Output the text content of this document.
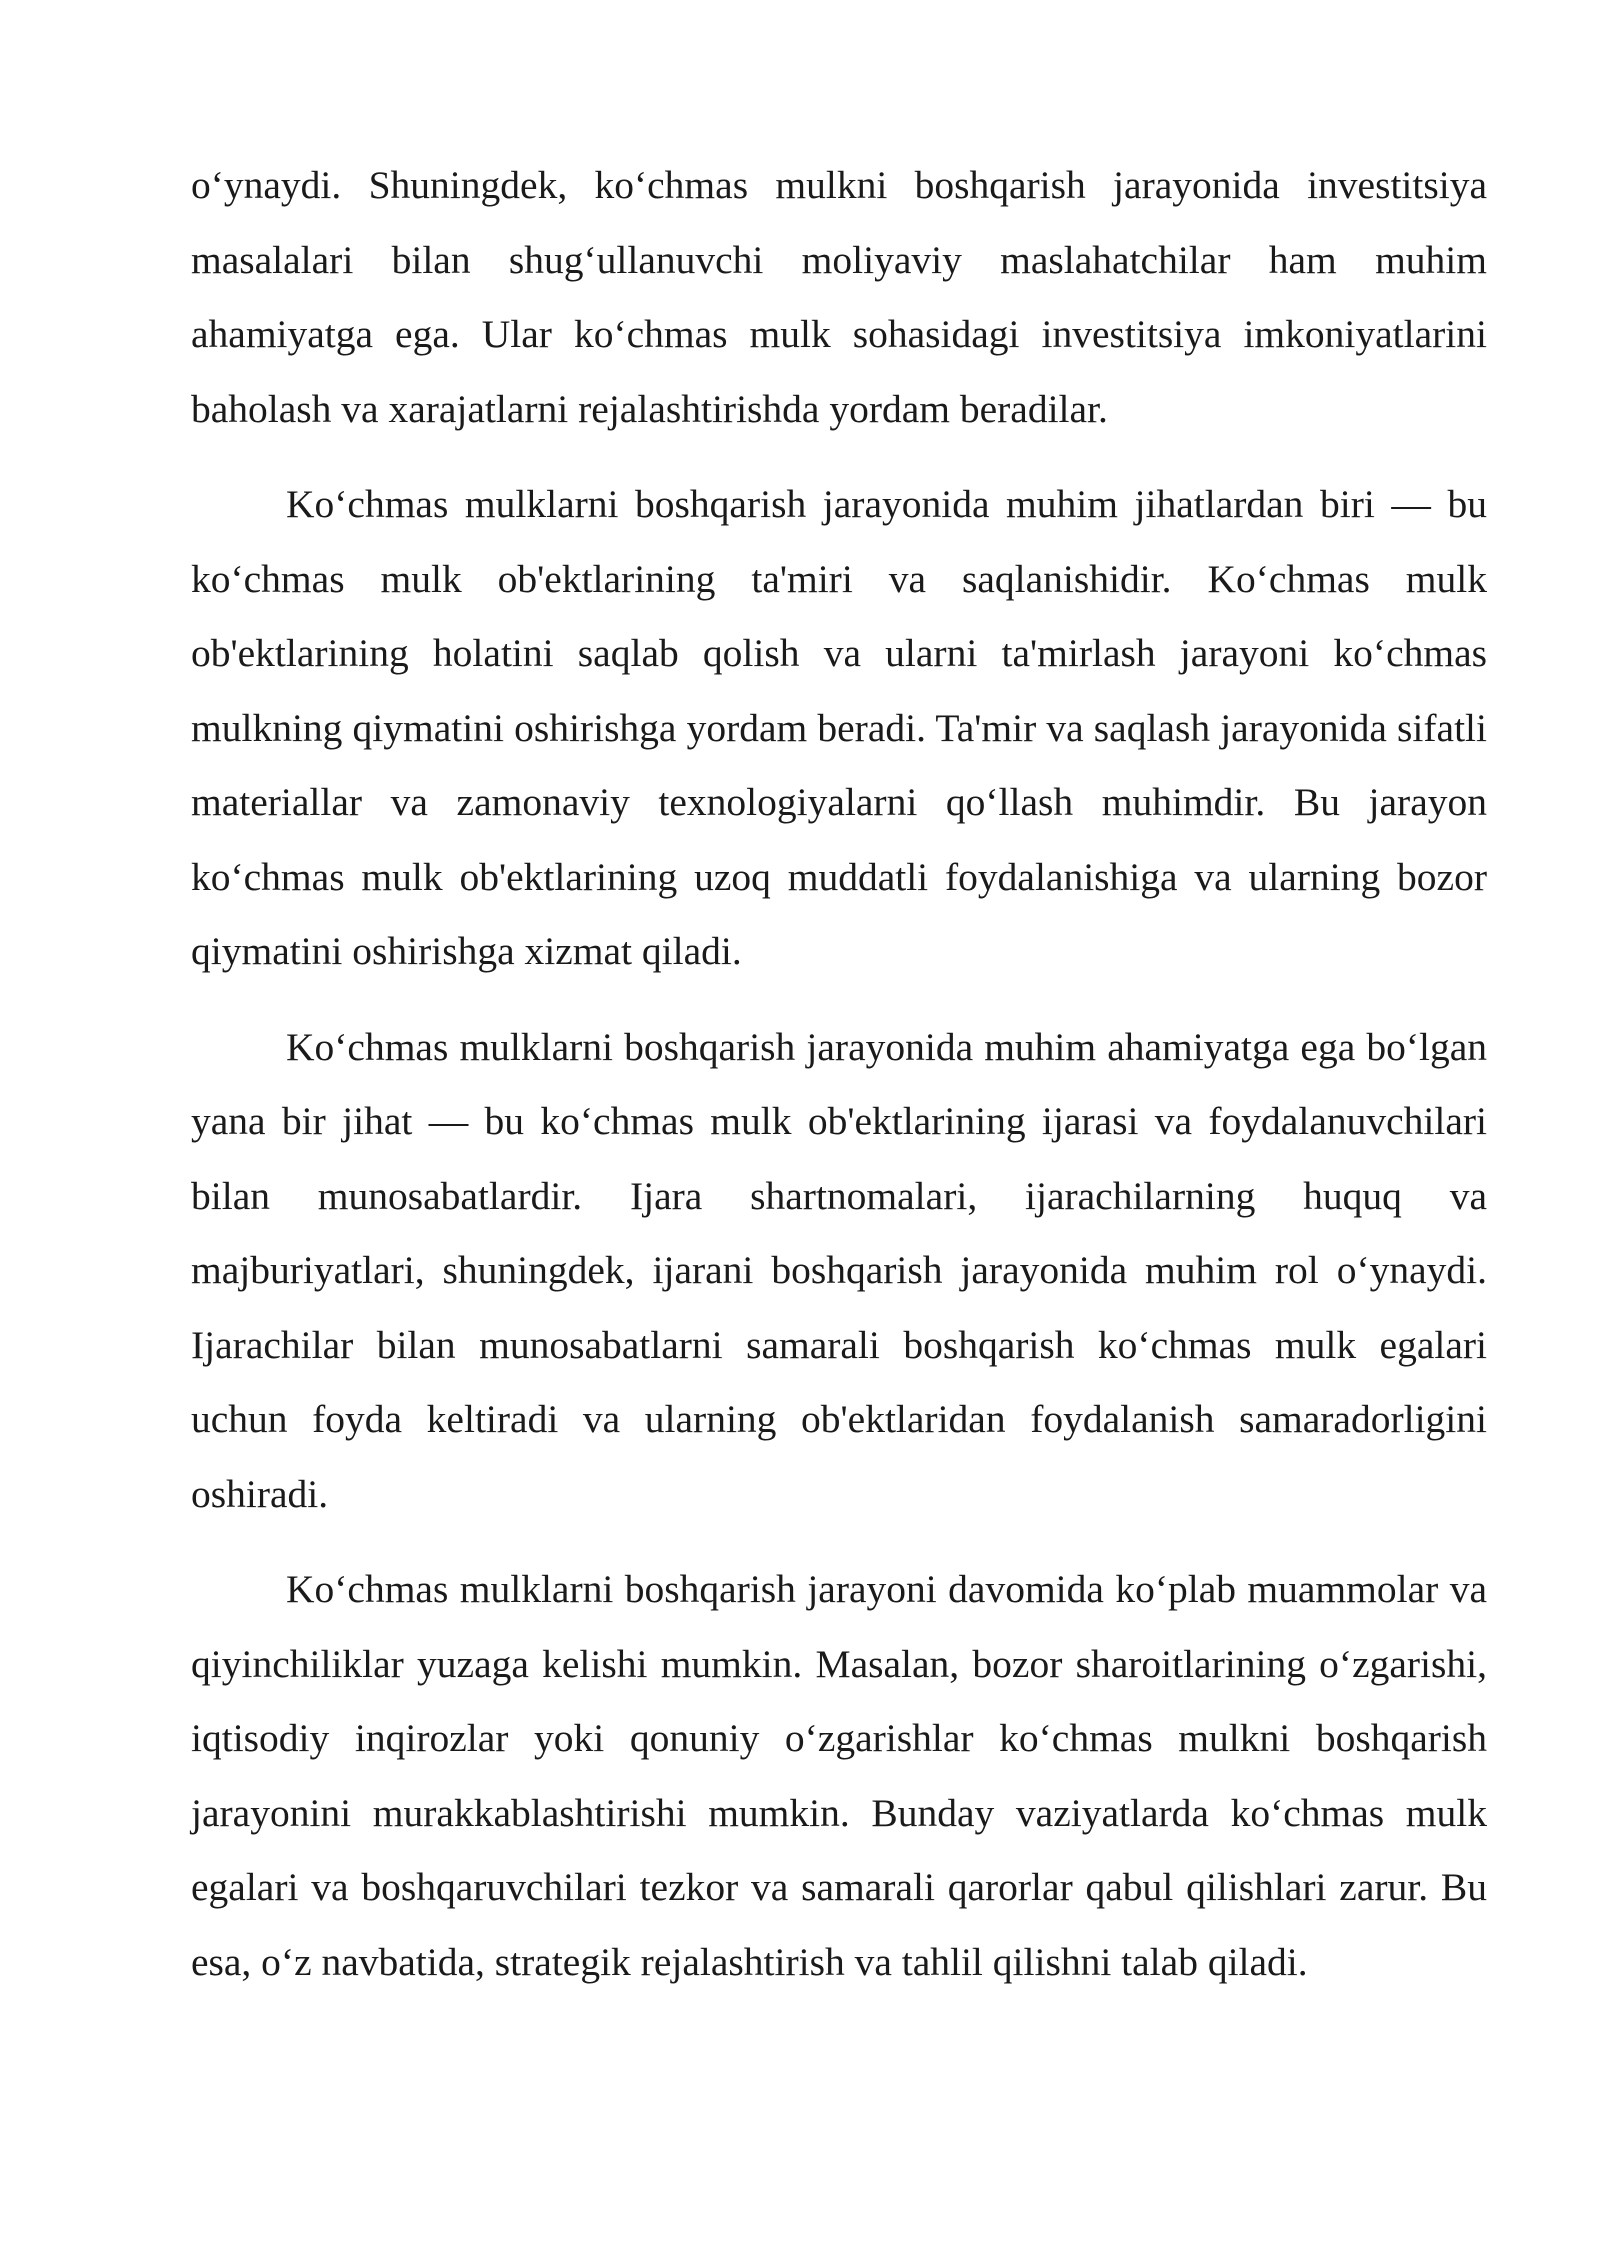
o‘ynaydi. Shuningdek, ko‘chmas mulkni boshqarish jarayonida investitsiya masalalari bilan shug‘ullanuvchi moliyaviy maslahatchilar ham muhim ahamiyatga ega. Ular ko‘chmas mulk sohasidagi investitsiya imkoniyatlarini baholash va xarajatlarni rejalashtirishda yordam beradilar.

Ko‘chmas mulklarni boshqarish jarayonida muhim jihatlardan biri — bu ko‘chmas mulk ob'ektlarining ta'miri va saqlanishidir. Ko‘chmas mulk ob'ektlarining holatini saqlab qolish va ularni ta'mirlash jarayoni ko‘chmas mulkning qiymatini oshirishga yordam beradi. Ta'mir va saqlash jarayonida sifatli materiallar va zamonaviy texnologiyalarni qo‘llash muhimdir. Bu jarayon ko‘chmas mulk ob'ektlarining uzoq muddatli foydalanishiga va ularning bozor qiymatini oshirishga xizmat qiladi.

Ko‘chmas mulklarni boshqarish jarayonida muhim ahamiyatga ega bo‘lgan yana bir jihat — bu ko‘chmas mulk ob'ektlarining ijarasi va foydalanuvchilari bilan munosabatlardir. Ijara shartnomalari, ijarachilarning huquq va majburiyatlari, shuningdek, ijarani boshqarish jarayonida muhim rol o‘ynaydi. Ijarachilar bilan munosabatlarni samarali boshqarish ko‘chmas mulk egalari uchun foyda keltiradi va ularning ob'ektlaridan foydalanish samaradorligini oshiradi.

Ko‘chmas mulklarni boshqarish jarayoni davomida ko‘plab muammolar va qiyinchiliklar yuzaga kelishi mumkin. Masalan, bozor sharoitlarining o‘zgarishi, iqtisodiy inqirozlar yoki qonuniy o‘zgarishlar ko‘chmas mulkni boshqarish jarayonini murakkablashtirishi mumkin. Bunday vaziyatlarda ko‘chmas mulk egalari va boshqaruvchilari tezkor va samarali qarorlar qabul qilishlari zarur. Bu esa, o‘z navbatida, strategik rejalashtirish va tahlil qilishni talab qiladi.
